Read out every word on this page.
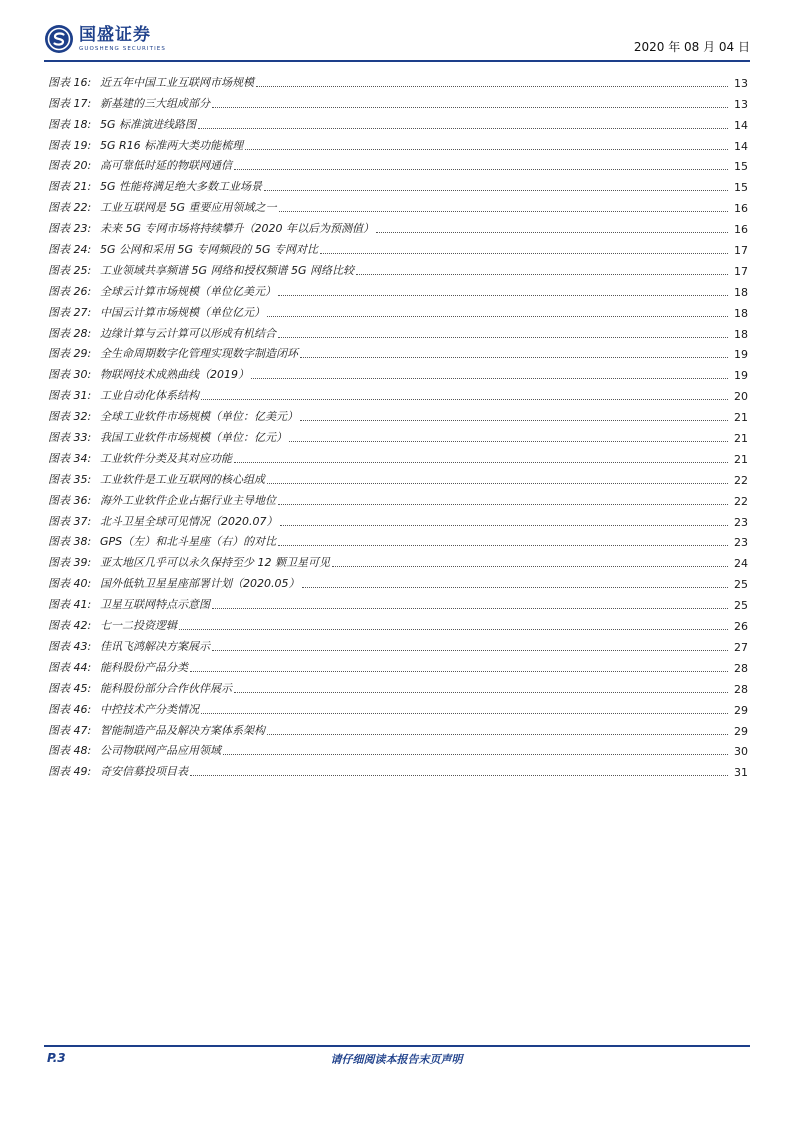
国盛证券
GUOSHENG SECURITIES	2020 年 08 月 04 日
图表 16: 近五年中国工业互联网市场规模	13
图表 17: 新基建的三大组成部分	13
图表 18: 5G 标准演进线路图	14
图表 19: 5G R16 标准两大类功能梳理	14
图表 20: 高可靠低时延的物联网通信	15
图表 21: 5G 性能将满足绝大多数工业场景	15
图表 22: 工业互联网是 5G 重要应用领域之一	16
图表 23: 未来 5G 专网市场将持续攀升（2020 年以后为预测值）	16
图表 24: 5G 公网和采用 5G 专网频段的 5G 专网对比	17
图表 25: 工业领域共享频谱 5G 网络和授权频谱 5G 网络比较	17
图表 26: 全球云计算市场规模（单位亿美元）	18
图表 27: 中国云计算市场规模（单位亿元）	18
图表 28: 边缘计算与云计算可以形成有机结合	18
图表 29: 全生命周期数字化管理实现数字制造闭环	19
图表 30: 物联网技术成熟曲线（2019）	19
图表 31: 工业自动化体系结构	20
图表 32: 全球工业软件市场规模（单位：亿美元）	21
图表 33: 我国工业软件市场规模（单位：亿元）	21
图表 34: 工业软件分类及其对应功能	21
图表 35: 工业软件是工业互联网的核心组成	22
图表 36: 海外工业软件企业占据行业主导地位	22
图表 37: 北斗卫星全球可见情况（2020.07）	23
图表 38: GPS（左）和北斗星座（右）的对比	23
图表 39: 亚太地区几乎可以永久保持至少 12 颗卫星可见	24
图表 40: 国外低轨卫星星座部署计划（2020.05）	25
图表 41: 卫星互联网特点示意图	25
图表 42: 七一二投资逻辑	26
图表 43: 佳讯飞鸿解决方案展示	27
图表 44: 能科股份产品分类	28
图表 45: 能科股份部分合作伙伴展示	28
图表 46: 中控技术产分类情况	29
图表 47: 智能制造产品及解决方案体系架构	29
图表 48: 公司物联网产品应用领域	30
图表 49: 奇安信募投项目表	31
P.3	请仔细阅读本报告末页声明
